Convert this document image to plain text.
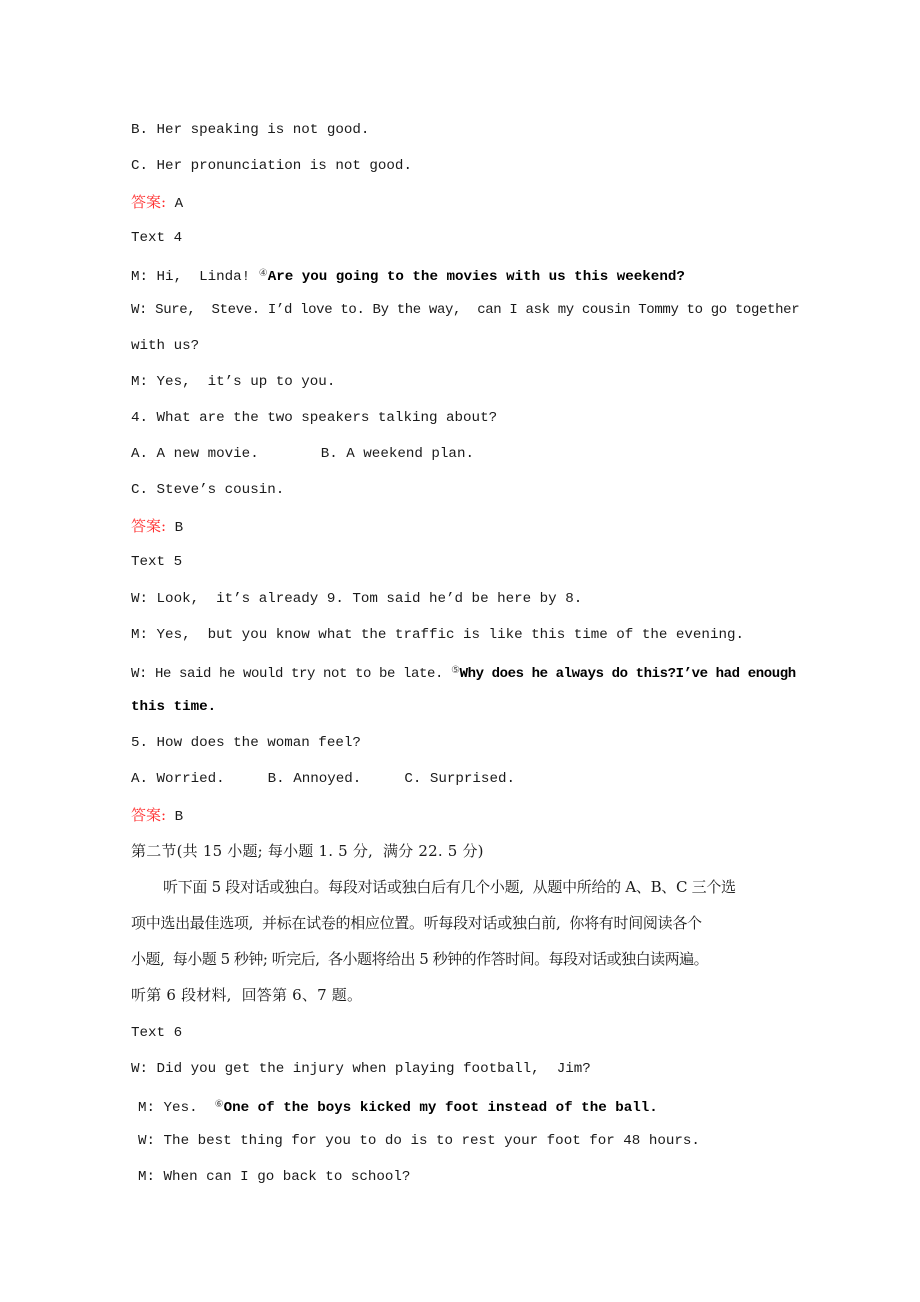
B. Her speaking is not good.
C. Her pronunciation is not good.
答案: A
Text 4
M: Hi,  Linda! ④Are you going to the movies with us this weekend?
W: Sure,  Steve. I’d love to. By the way,  can I ask my cousin Tommy to go together
with us?
M: Yes,  it’s up to you.
4. What are the two speakers talking about?
A. A new movie.	B. A weekend plan.
C. Steve’s cousin.
答案: B
Text 5
W: Look,  it’s already 9. Tom said he’d be here by 8.
M: Yes,  but you know what the traffic is like this time of the evening.
W: He said he would try not to be late. ⑤Why does he always do this?I’ve had enough
this time.
5. How does the woman feel?
A. Worried.	B. Annoyed.	C. Surprised.
答案: B
第二节(共 15 小题; 每小题 1. 5 分,  满分 22. 5 分)
听下面 5 段对话或独白。每段对话或独白后有几个小题,  从题中所给的 A、B、C 三个选
项中选出最佳选项,  并标在试卷的相应位置。听每段对话或独白前,  你将有时间阅读各个
小题,  每小题 5 秒钟; 听完后,  各小题将给出 5 秒钟的作答时间。每段对话或独白读两遍。
听第 6 段材料,  回答第 6、7 题。
Text 6
W: Did you get the injury when playing football,  Jim?
M: Yes.  ⑥One of the boys kicked my foot instead of the ball.
W: The best thing for you to do is to rest your foot for 48 hours.
M: When can I go back to school?
